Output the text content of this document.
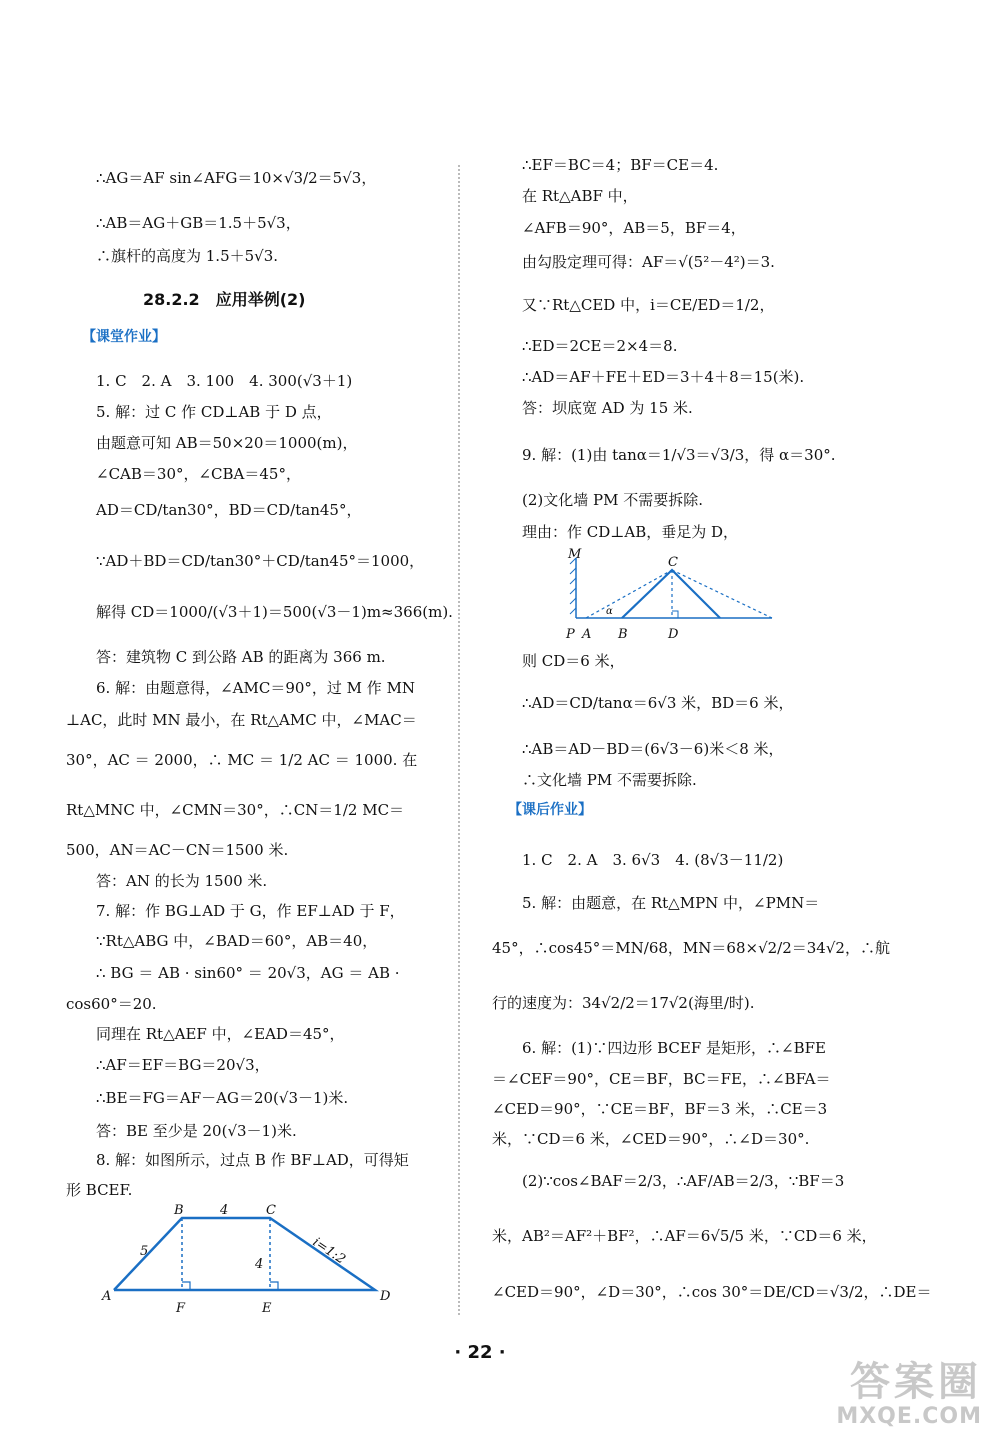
∴AG＝AF sin∠AFG＝10×√3/2＝5√3，
∴AB＝AG＋GB＝1.5＋5√3，
∴旗杆的高度为 1.5＋5√3.
1. C　2. A　3. 100　4. 300(√3＋1)
5. 解：过 C 作 CD⊥AB 于 D 点，
由题意可知 AB＝50×20＝1000(m)，
∠CAB＝30°，∠CBA＝45°，
AD＝CD/tan30°，BD＝CD/tan45°，
∵AD＋BD＝CD/tan30°＋CD/tan45°＝1000，
解得 CD＝1000/(√3＋1)＝500(√3－1)m≈366(m).
答：建筑物 C 到公路 AB 的距离为 366 m.
6. 解：由题意得，∠AMC＝90°，过 M 作 MN
⊥AC，此时 MN 最小，在 Rt△AMC 中，∠MAC＝
30°，AC ＝ 2000，∴ MC ＝ 1/2 AC ＝ 1000. 在
Rt△MNC 中，∠CMN＝30°，∴CN＝1/2 MC＝
500，AN＝AC－CN＝1500 米.
答：AN 的长为 1500 米.
7. 解：作 BG⊥AD 于 G，作 EF⊥AD 于 F，
∵Rt△ABG 中，∠BAD＝60°，AB＝40，
∴ BG ＝ AB · sin60° ＝ 20√3，AG ＝ AB ·
cos60°＝20.
同理在 Rt△AEF 中，∠EAD＝45°，
∴AF＝EF＝BG＝20√3，
∴BE＝FG＝AF－AG＝20(√3－1)米.
答：BE 至少是 20(√3－1)米.
8. 解：如图所示，过点 B 作 BF⊥AD，可得矩
形 BCEF.
∴EF＝BC＝4；BF＝CE＝4.
在 Rt△ABF 中，
∠AFB＝90°，AB＝5，BF＝4，
由勾股定理可得：AF＝√(5²－4²)＝3.
又∵Rt△CED 中，i＝CE/ED＝1/2，
∴ED＝2CE＝2×4＝8.
∴AD＝AF＋FE＋ED＝3＋4＋8＝15(米).
答：坝底宽 AD 为 15 米.
9. 解：(1)由 tanα＝1/√3＝√3/3，得 α＝30°.
(2)文化墙 PM 不需要拆除.
理由：作 CD⊥AB，垂足为 D，
则 CD＝6 米，
∴AD＝CD/tanα＝6√3 米，BD＝6 米，
∴AB＝AD－BD＝(6√3－6)米＜8 米，
∴文化墙 PM 不需要拆除.
1. C　2. A　3. 6√3　4. (8√3－11/2)
5. 解：由题意，在 Rt△MPN 中，∠PMN＝
45°，∴cos45°＝MN/68，MN＝68×√2/2＝34√2，∴航
行的速度为：34√2/2＝17√2(海里/时).
6. 解：(1)∵四边形 BCEF 是矩形，∴∠BFE
＝∠CEF＝90°，CE＝BF，BC＝FE，∴∠BFA＝
∠CED＝90°，∵CE＝BF，BF＝3 米，∴CE＝3
米，∵CD＝6 米，∠CED＝90°，∴∠D＝30°.
(2)∵cos∠BAF＝2/3，∴AF/AB＝2/3，∵BF＝3
米，AB²＝AF²＋BF²，∴AF＝6√5/5 米，∵CD＝6 米，
∠CED＝90°，∠D＝30°，∴cos 30°＝DE/CD＝√3/2，∴DE＝
28.2.2　应用举例(2)
【课堂作业】
【课后作业】
A
B	C
D
F	E
4
5
4	i=1:2
M
C
P A B	D
α
· 22 ·
答案圈
MXQE.COM
